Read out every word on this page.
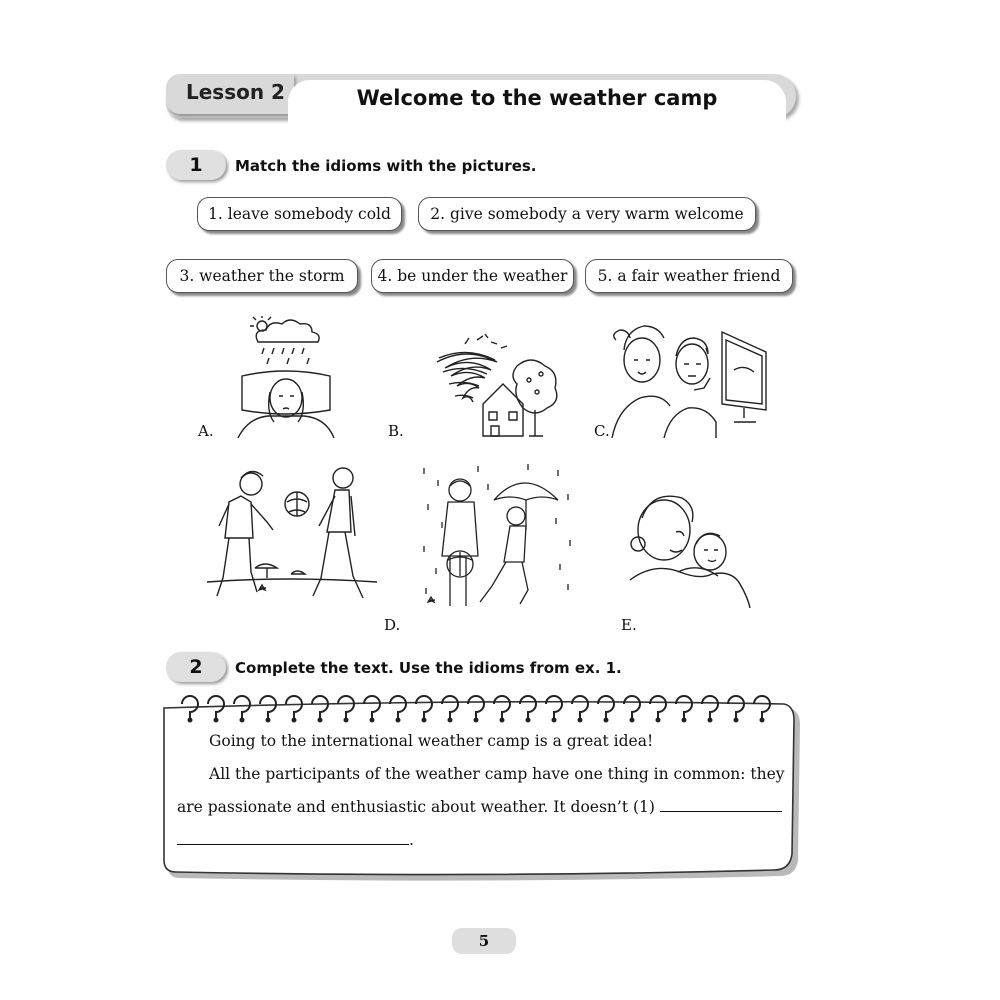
Lesson 2	Welcome to the weather camp
1	Match the idioms with the pictures.
1. leave somebody cold	2. give somebody a very warm welcome
3. weather the storm	4. be under the weather	5. a fair weather friend
A.	B.	C.
D.	E.
2	Complete the text. Use the idioms from ex. 1.
Going to the international weather camp is a great idea!
All the participants of the weather camp have one thing in common: they
are passionate and enthusiastic about weather. It doesn’t (1)
.
5
